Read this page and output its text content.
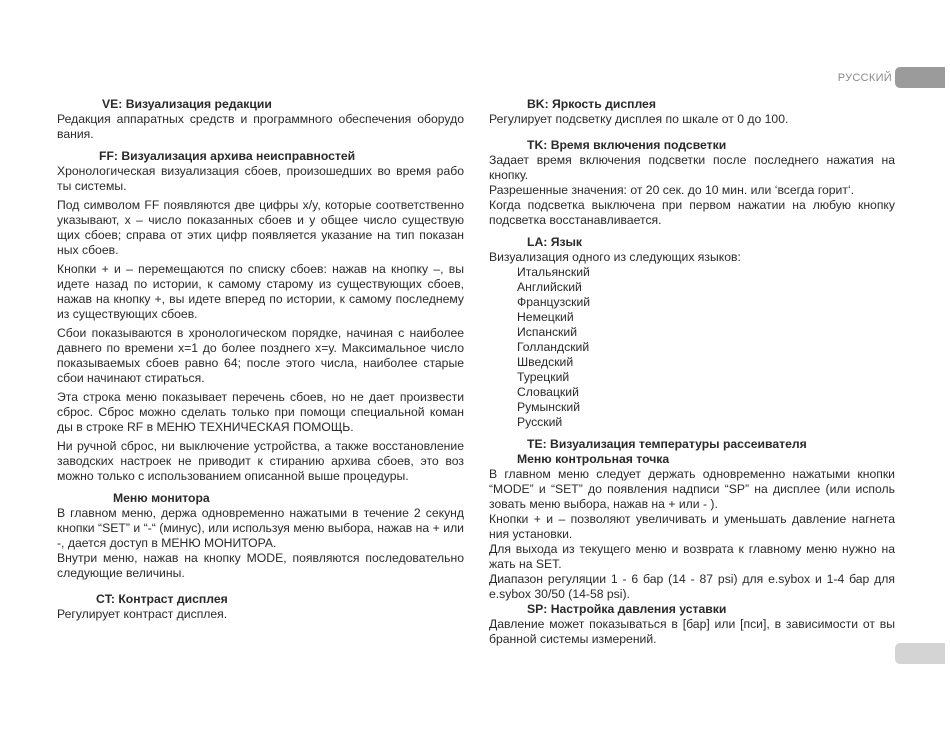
РУССКИЙ

VE: Визуализация редакции

Редакция аппаратных средств и программного обеспечения оборудо вания.

FF: Визуализация архива неисправностей

Хронологическая визуализация сбоев, произошедших во время рабо ты системы.

Под символом FF появляются две цифры x/y, которые соответственно указывают, x – число показанных сбоев и y общее число существую щих сбоев; справа от этих цифр появляется указание на тип показан ных сбоев.

Кнопки + и – перемещаются по списку сбоев: нажав на кнопку –, вы идете назад по истории, к самому старому из существующих сбоев, нажав на кнопку +, вы идете вперед по истории, к самому последнему из существующих сбоев.

Сбои показываются в хронологическом порядке, начиная с наиболее давнего по времени x=1 до более позднего x=y. Максимальное число показываемых сбоев равно 64; после этого числа, наиболее старые сбои начинают стираться.

Эта строка меню показывает перечень сбоев, но не дает произвести сброс. Сброс можно сделать только при помощи специальной коман ды в строке RF в МЕНЮ ТЕХНИЧЕСКАЯ ПОМОЩЬ.

Ни ручной сброс, ни выключение устройства, а также восстановление заводских настроек не приводит к стиранию архива сбоев, это воз можно только с использованием описанной выше процедуры.

Меню монитора

В главном меню, держа одновременно нажатыми в течение 2 секунд кнопки “SET” и “-“ (минус), или используя меню выбора, нажав на + или -, дается доступ в МЕНЮ МОНИТОРА.

Внутри меню, нажав на кнопку MODE, появляются последовательно следующие величины.

CT: Контраст дисплея

Регулирует контраст дисплея.

BK: Яркость дисплея

Регулирует подсветку дисплея по шкале от 0 до 100.

TK: Время включения подсветки

Задает время включения подсветки после последнего нажатия на кнопку.

Разрешенные значения: от 20 сек. до 10 мин. или ‘всегда горит‘.

Когда подсветка выключена при первом нажатии на любую кнопку подсветка восстанавливается.

LA: Язык

Визуализация одного из следующих языков:

Итальянский
Английский
Французский
Немецкий
Испанский
Голландский
Шведский
Турецкий
Словацкий
Румынский
Русский

TE: Визуализация температуры рассеивателя

Меню контрольная точка

В главном меню следует держать одновременно нажатыми кнопки “MODE” и “SET” до появления надписи “SP” на дисплее (или исполь зовать меню выбора, нажав на + или - ).

Кнопки + и – позволяют увеличивать и уменьшать давление нагнета ния установки.

Для выхода из текущего меню и возврата к главному меню нужно на жать на SET.

Диапазон регуляции 1 - 6 бар (14 - 87 psi) для e.sybox и 1-4 бар для e.sybox 30/50 (14-58 psi).

SP: Настройка давления уставки

Давление может показываться в [бар] или [пси], в зависимости от вы бранной системы измерений.
